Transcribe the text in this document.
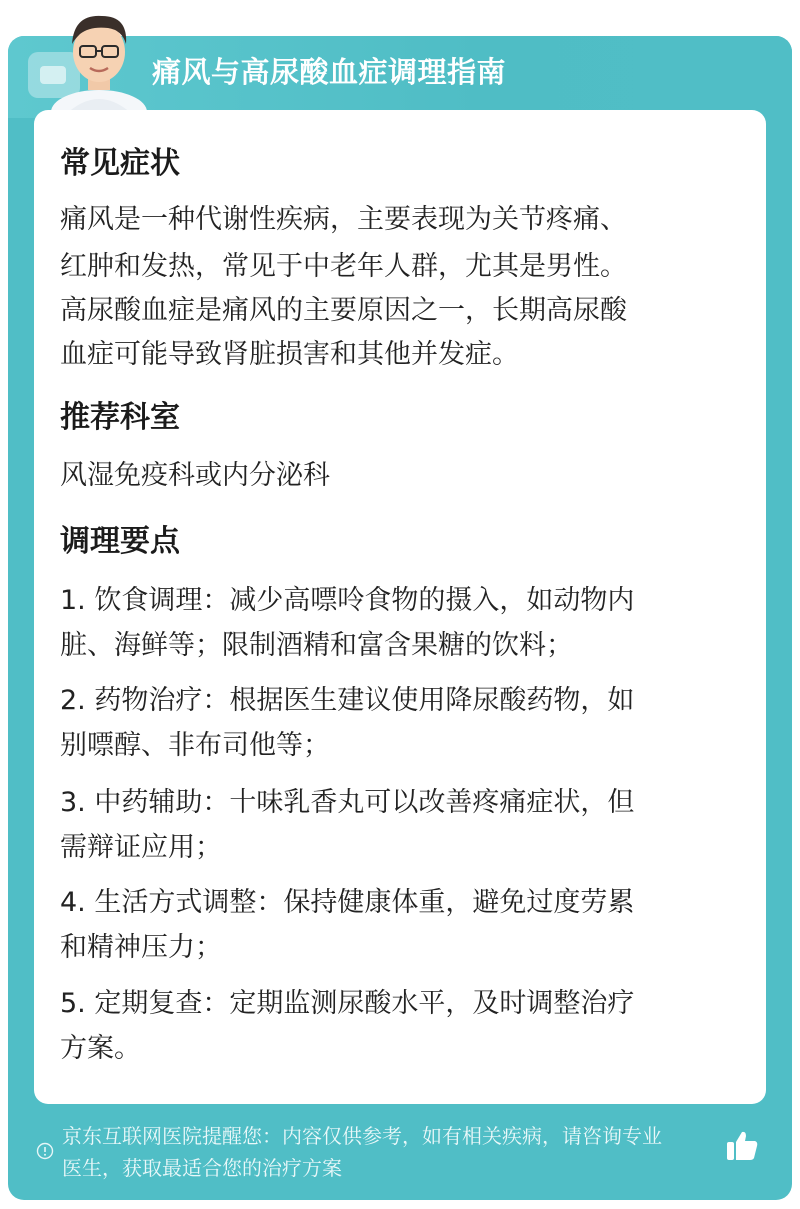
痛风与高尿酸血症调理指南
常见症状
痛风是一种代谢性疾病，主要表现为关节疼痛、
红肿和发热，常见于中老年人群，尤其是男性。
高尿酸血症是痛风的主要原因之一，长期高尿酸
血症可能导致肾脏损害和其他并发症。
推荐科室
风湿免疫科或内分泌科
调理要点
1. 饮食调理：减少高嘌呤食物的摄入，如动物内
脏、海鲜等；限制酒精和富含果糖的饮料；
2. 药物治疗：根据医生建议使用降尿酸药物，如
别嘌醇、非布司他等；
3. 中药辅助：十味乳香丸可以改善疼痛症状，但
需辩证应用；
4. 生活方式调整：保持健康体重，避免过度劳累
和精神压力；
5. 定期复查：定期监测尿酸水平，及时调整治疗
方案。
京东互联网医院提醒您：内容仅供参考，如有相关疾病，请咨询专业
医生，获取最适合您的治疗方案
